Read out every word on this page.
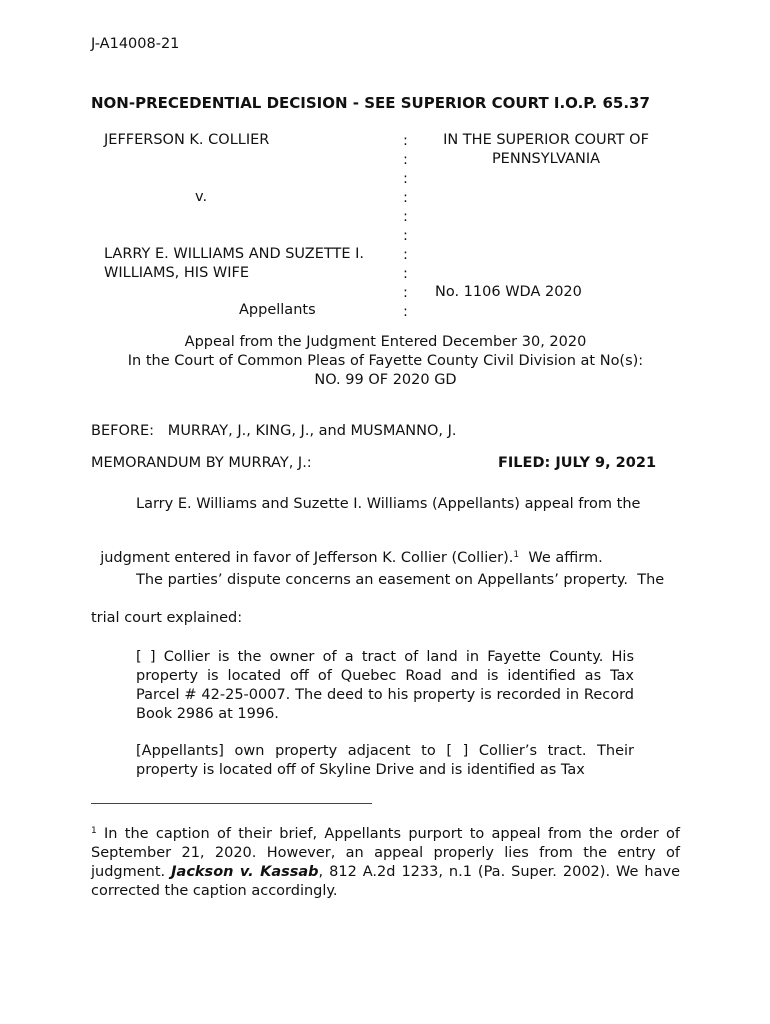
J-A14008-21
NON-PRECEDENTIAL DECISION - SEE SUPERIOR COURT I.O.P. 65.37
JEFFERSON K. COLLIER
v.
LARRY E. WILLIAMS AND SUZETTE I.
WILLIAMS, HIS WIFE
Appellants
:
:
:
:
:
:
:
:
:
:
IN THE SUPERIOR COURT OF
PENNSYLVANIA
No. 1106 WDA 2020
Appeal from the Judgment Entered December 30, 2020
In the Court of Common Pleas of Fayette County Civil Division at No(s):
NO. 99 OF 2020 GD
BEFORE:   MURRAY, J., KING, J., and MUSMANNO, J.
MEMORANDUM BY MURRAY, J.:	FILED: JULY 9, 2021
Larry E. Williams and Suzette I. Williams (Appellants) appeal from the

judgment entered in favor of Jefferson K. Collier (Collier).$^1$  We affirm.

The parties’ dispute concerns an easement on Appellants’ property.  The
trial court explained:
[ ] Collier is the owner of a tract of land in Fayette County. His property is located off of Quebec Road and is identified as Tax Parcel # 42-25-0007. The deed to his property is recorded in Record Book 2986 at 1996.
[Appellants] own property adjacent to [ ] Collier’s tract. Their property is located off of Skyline Drive and is identified as Tax
$^1$ In the caption of their brief, Appellants purport to appeal from the order of September 21, 2020. However, an appeal properly lies from the entry of judgment. Jackson v. Kassab, 812 A.2d 1233, n.1 (Pa. Super. 2002). We have corrected the caption accordingly.
